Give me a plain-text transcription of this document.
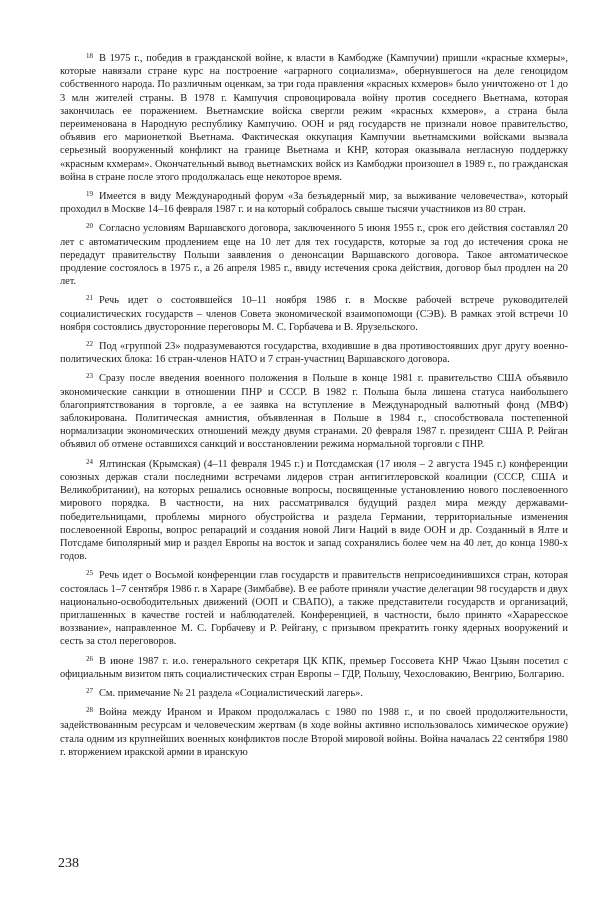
$^{18}$ В 1975 г., победив в гражданской войне, к власти в Камбодже (Кампучии) пришли «красные кхмеры», которые навязали стране курс на построение «аграрного социализма», обернувшегося на деле геноцидом собственного народа. По различным оценкам, за три года правления «красных кхмеров» было уничтожено от 1 до 3 млн жителей страны. В 1978 г. Кампучия спровоцировала войну против соседнего Вьетнама, которая закончилась ее поражением. Вьетнамские войска свергли режим «красных кхмеров», а страна была переименована в Народную республику Кампучию. ООН и ряд государств не признали новое правительство, объявив его марионеткой Вьетнама. Фактическая оккупация Кампучии вьетнамскими войсками вызвала серьезный вооруженный конфликт на границе Вьетнама и КНР, которая оказывала негласную поддержку «красным кхмерам». Окончательный вывод вьетнамских войск из Камбоджи произошел в 1989 г., по гражданская война в стране после этого продолжалась еще некоторое время.

$^{19}$ Имеется в виду Международный форум «За безъядерный мир, за выживание человечества», который проходил в Москве 14–16 февраля 1987 г. и на который собралось свыше тысячи участников из 80 стран.

$^{20}$ Согласно условиям Варшавского договора, заключенного 5 июня 1955 г., срок его действия составлял 20 лет с автоматическим продлением еще на 10 лет для тех государств, которые за год до истечения срока не передадут правительству Польши заявления о денонсации Варшавского договора. Такое автоматическое продление состоялось в 1975 г., а 26 апреля 1985 г., ввиду истечения срока действия, договор был продлен на 20 лет.

$^{21}$ Речь идет о состоявшейся 10–11 ноября 1986 г. в Москве рабочей встрече руководителей социалистических государств – членов Совета экономической взаимопомощи (СЭВ). В рамках этой встречи 10 ноября состоялись двусторонние переговоры М. С. Горбачева и В. Ярузельского.

$^{22}$ Под «группой 23» подразумеваются государства, входившие в два противостоявших друг другу военно-политических блока: 16 стран-членов НАТО и 7 стран-участниц Варшавского договора.

$^{23}$ Сразу после введения военного положения в Польше в конце 1981 г. правительство США объявило экономические санкции в отношении ПНР и СССР. В 1982 г. Польша была лишена статуса наибольшего благоприятствования в торговле, а ее заявка на вступление в Международный валютный фонд (МВФ) заблокирована. Политическая амнистия, объявленная в Польше в 1984 г., способствовала постепенной нормализации экономических отношений между двумя странами. 20 февраля 1987 г. президент США Р. Рейган объявил об отмене оставшихся санкций и восстановлении режима нормальной торговли с ПНР.

$^{24}$ Ялтинская (Крымская) (4–11 февраля 1945 г.) и Потсдамская (17 июля – 2 августа 1945 г.) конференции союзных держав стали последними встречами лидеров стран антигитлеровской коалиции (СССР, США и Великобритании), на которых решались основные вопросы, посвященные установлению нового послевоенного мирового порядка. В частности, на них рассматривался будущий раздел мира между державами-победительницами, проблемы мирного обустройства и раздела Германии, территориальные изменения послевоенной Европы, вопрос репараций и создания новой Лиги Наций в виде ООН и др. Созданный в Ялте и Потсдаме биполярный мир и раздел Европы на восток и запад сохранялись более чем на 40 лет, до конца 1980-х годов.

$^{25}$ Речь идет о Восьмой конференции глав государств и правительств неприсоединившихся стран, которая состоялась 1–7 сентября 1986 г. в Хараре (Зимбабве). В ее работе приняли участие делегации 98 государств и двух национально-освободительных движений (ООП и СВАПО), а также представители государств и организаций, приглашенных в качестве гостей и наблюдателей. Конференцией, в частности, было принято «Хараресское воззвание», направленное М. С. Горбачеву и Р. Рейгану, с призывом прекратить гонку ядерных вооружений и сесть за стол переговоров.

$^{26}$ В июне 1987 г. и.о. генерального секретаря ЦК КПК, премьер Госсовета КНР Чжао Цзыян посетил с официальным визитом пять социалистических стран Европы – ГДР, Польшу, Чехословакию, Венгрию, Болгарию.

$^{27}$ См. примечание № 21 раздела «Социалистический лагерь».

$^{28}$ Война между Ираном и Ираком продолжалась с 1980 по 1988 г., и по своей продолжительности, задействованным ресурсам и человеческим жертвам (в ходе войны активно использовалось химическое оружие) стала одним из крупнейших военных конфликтов после Второй мировой войны. Война началась 22 сентября 1980 г. вторжением иракской армии в иранскую

238
